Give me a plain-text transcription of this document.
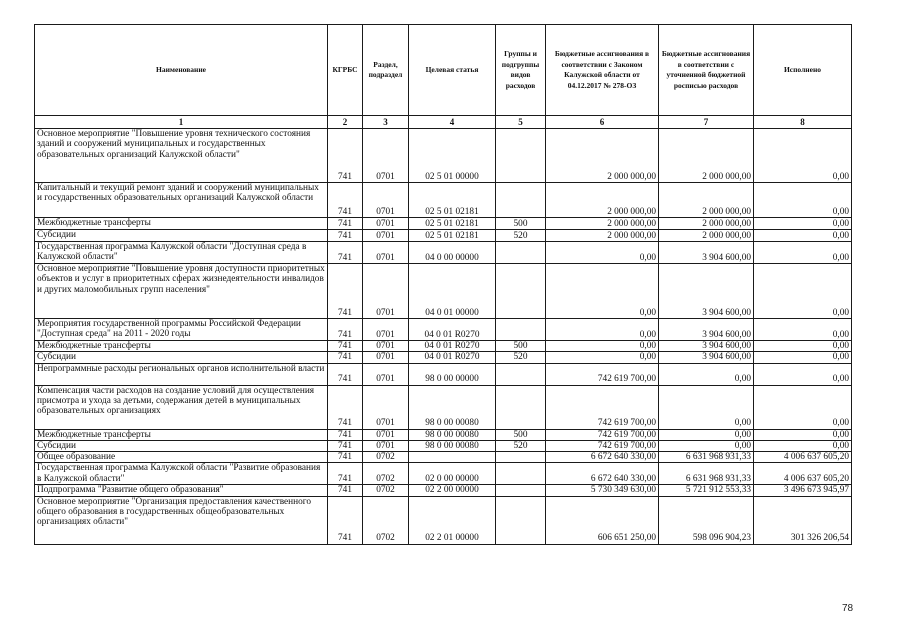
Наименование	КГРБС	Раздел, подраздел	Целевая статья	Группы и подгруппы видов расходов	Бюджетные ассигнования в соответствии с Законом Калужской области от 04.12.2017 № 278-ОЗ	Бюджетные ассигнования в соответствии с уточненной бюджетной росписью расходов	Исполнено
1	2	3	4	5	6	7	8
Основное мероприятие "Повышение уровня технического состояния зданий и сооружений муниципальных и государственных образовательных организаций Калужской области"	741	0701	02 5 01 00000		2 000 000,00	2 000 000,00	0,00
Капитальный и текущий ремонт зданий и сооружений муниципальных и государственных образовательных организаций Калужской области	741	0701	02 5 01 02181		2 000 000,00	2 000 000,00	0,00
Межбюджетные трансферты	741	0701	02 5 01 02181	500	2 000 000,00	2 000 000,00	0,00
Субсидии	741	0701	02 5 01 02181	520	2 000 000,00	2 000 000,00	0,00
Государственная программа Калужской области "Доступная среда в Калужской области"	741	0701	04 0 00 00000		0,00	3 904 600,00	0,00
Основное мероприятие "Повышение уровня доступности приоритетных объектов и услуг в приоритетных сферах жизнедеятельности инвалидов и других маломобильных групп населения"	741	0701	04 0 01 00000		0,00	3 904 600,00	0,00
Мероприятия государственной программы Российской Федерации "Доступная среда" на 2011 - 2020 годы	741	0701	04 0 01 R0270		0,00	3 904 600,00	0,00
Межбюджетные трансферты	741	0701	04 0 01 R0270	500	0,00	3 904 600,00	0,00
Субсидии	741	0701	04 0 01 R0270	520	0,00	3 904 600,00	0,00
Непрограммные расходы региональных органов исполнительной власти	741	0701	98 0 00 00000		742 619 700,00	0,00	0,00
Компенсация части расходов на создание условий для осуществления присмотра и ухода за детьми, содержания детей в муниципальных образовательных организациях	741	0701	98 0 00 00080		742 619 700,00	0,00	0,00
Межбюджетные трансферты	741	0701	98 0 00 00080	500	742 619 700,00	0,00	0,00
Субсидии	741	0701	98 0 00 00080	520	742 619 700,00	0,00	0,00
Общее образование	741	0702			6 672 640 330,00	6 631 968 931,33	4 006 637 605,20
Государственная программа Калужской области "Развитие образования в Калужской области"	741	0702	02 0 00 00000		6 672 640 330,00	6 631 968 931,33	4 006 637 605,20
Подпрограмма "Развитие общего образования"	741	0702	02 2 00 00000		5 730 349 630,00	5 721 912 553,33	3 496 673 945,97
Основное мероприятие "Организация предоставления качественного общего образования в государственных общеобразовательных организациях области"	741	0702	02 2 01 00000		606 651 250,00	598 096 904,23	301 326 206,54
78
